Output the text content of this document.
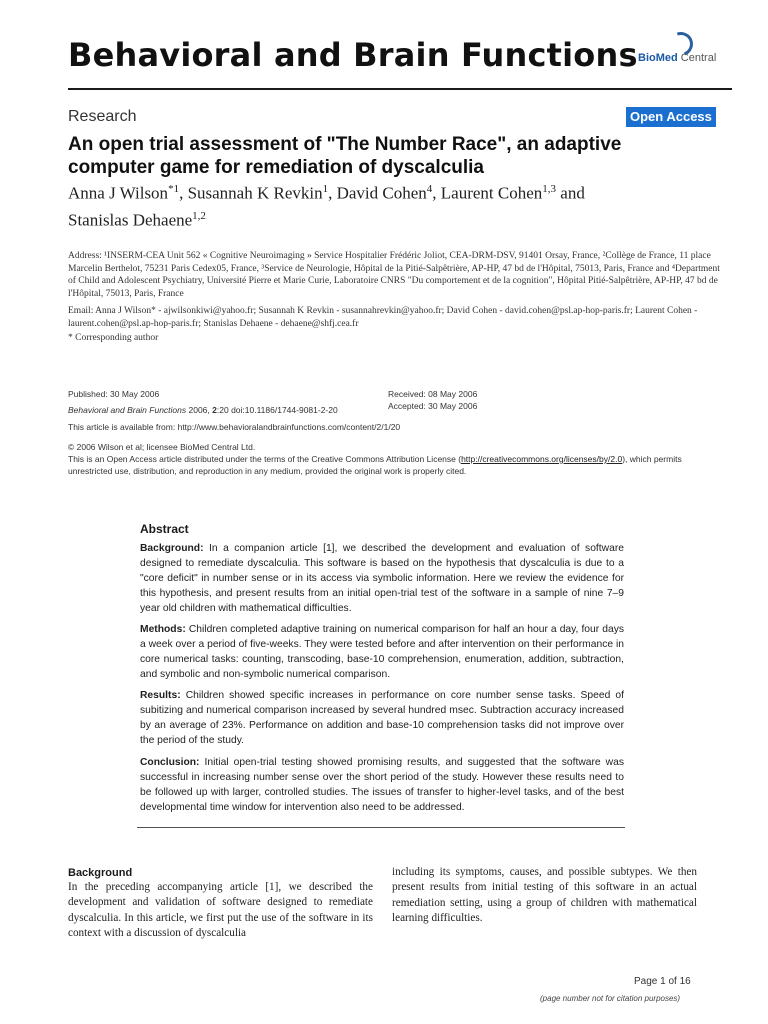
Behavioral and Brain Functions BioMed Central
Research	Open Access
An open trial assessment of "The Number Race", an adaptive computer game for remediation of dyscalculia
Anna J Wilson$^{*1}$, Susannah K Revkin$^1$, David Cohen$^4$, Laurent Cohen$^{1,3}$ and
Stanislas Dehaene$^{1,2}$
Address: ¹INSERM-CEA Unit 562 « Cognitive Neuroimaging » Service Hospitalier Frédéric Joliot, CEA-DRM-DSV, 91401 Orsay, France, ²Collège de France, 11 place Marcelin Berthelot, 75231 Paris Cedex05, France, ³Service de Neurologie, Hôpital de la Pitié-Salpêtrière, AP-HP, 47 bd de l'Hôpital, 75013, Paris, France and ⁴Department of Child and Adolescent Psychiatry, Université Pierre et Marie Curie, Laboratoire CNRS "Du comportement et de la cognition", Hôpital Pitié-Salpêtrière, AP-HP, 47 bd de l'Hôpital, 75013, Paris, France
Email: Anna J Wilson* - ajwilsonkiwi@yahoo.fr; Susannah K Revkin - susannahrevkin@yahoo.fr; David Cohen - david.cohen@psl.ap-hop-paris.fr; Laurent Cohen - laurent.cohen@psl.ap-hop-paris.fr; Stanislas Dehaene - dehaene@shfj.cea.fr
* Corresponding author
Published: 30 May 2006
Behavioral and Brain Functions 2006, 2:20 doi:10.1186/1744-9081-2-20
Received: 08 May 2006
Accepted: 30 May 2006
This article is available from: http://www.behavioralandbrainfunctions.com/content/2/1/20
© 2006 Wilson et al; licensee BioMed Central Ltd.
This is an Open Access article distributed under the terms of the Creative Commons Attribution License (http://creativecommons.org/licenses/by/2.0), which permits unrestricted use, distribution, and reproduction in any medium, provided the original work is properly cited.
Abstract
Background: In a companion article [1], we described the development and evaluation of software designed to remediate dyscalculia. This software is based on the hypothesis that dyscalculia is due to a "core deficit" in number sense or in its access via symbolic information. Here we review the evidence for this hypothesis, and present results from an initial open-trial test of the software in a sample of nine 7–9 year old children with mathematical difficulties.
Methods: Children completed adaptive training on numerical comparison for half an hour a day, four days a week over a period of five-weeks. They were tested before and after intervention on their performance in core numerical tasks: counting, transcoding, base-10 comprehension, enumeration, addition, subtraction, and symbolic and non-symbolic numerical comparison.
Results: Children showed specific increases in performance on core number sense tasks. Speed of subitizing and numerical comparison increased by several hundred msec. Subtraction accuracy increased by an average of 23%. Performance on addition and base-10 comprehension tasks did not improve over the period of the study.
Conclusion: Initial open-trial testing showed promising results, and suggested that the software was successful in increasing number sense over the short period of the study. However these results need to be followed up with larger, controlled studies. The issues of transfer to higher-level tasks, and of the best developmental time window for intervention also need to be addressed.
Background
In the preceding accompanying article [1], we described the development and validation of software designed to remediate dyscalculia. In this article, we first put the use of the software in its context with a discussion of dyscalculia
including its symptoms, causes, and possible subtypes. We then present results from initial testing of this software in an actual remediation setting, using a group of children with mathematical learning difficulties.
Page 1 of 16
(page number not for citation purposes)
